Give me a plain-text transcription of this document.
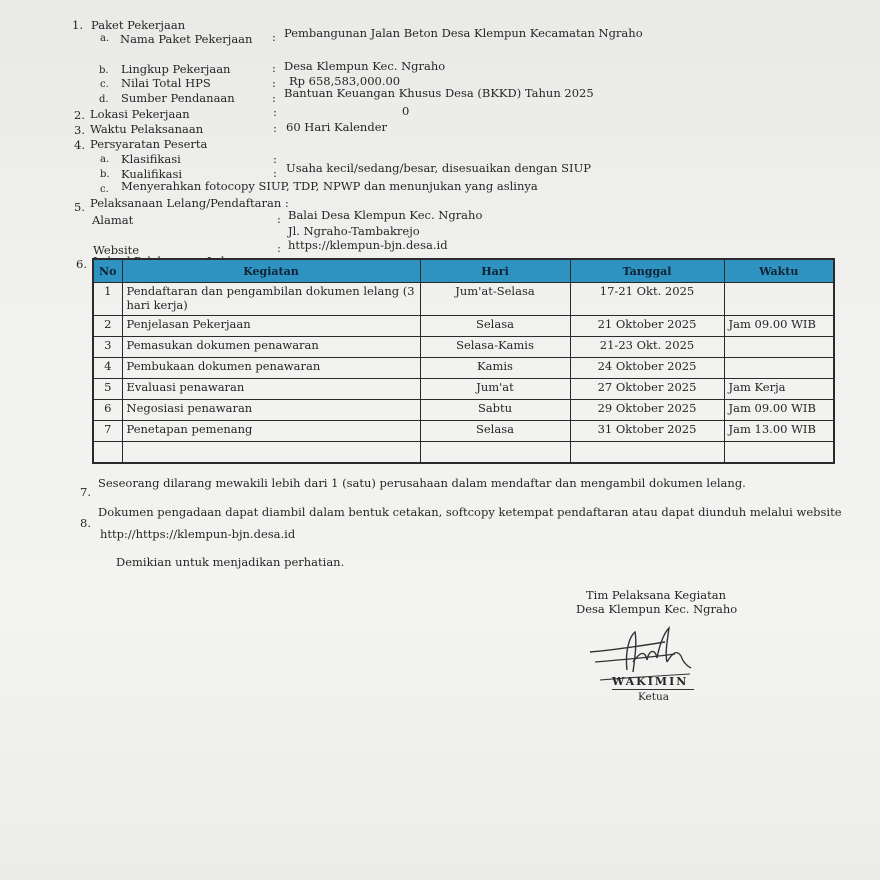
1. Paket Pekerjaan
a. Nama Paket Pekerjaan : Pembangunan Jalan Beton Desa Klempun Kecamatan Ngraho
b. Lingkup Pekerjaan	: Desa Klempun Kec. Ngraho
c. Nilai Total HPS	: Rp 658,583,000.00
d. Sumber Pendanaan	: Bantuan Keuangan Khusus Desa (BKKD) Tahun 2025
2. Lokasi Pekerjaan	:	0
3. Waktu Pelaksanaan	: 60 Hari Kalender
4. Persyaratan Peserta
a. Klasifikasi	:
b. Kualifikasi	: Usaha kecil/sedang/besar, disesuaikan dengan SIUP
c. Menyerahkan fotocopy SIUP, TDP, NPWP dan menunjukan yang aslinya
5. Pelaksanaan Lelang/Pendaftaran :
Alamat	: Balai Desa Klempun Kec. Ngraho
Jl. Ngraho-Tambakrejo
Website	: https://klempun-bjn.desa.id
6. No	Kegiatan	Hari	Tanggal	Waktu
1	Pendaftaran dan pengambilan dokumen lelang (3 hari kerja)	Jum'at-Selasa	17-21 Okt. 2025	
2	Penjelasan Pekerjaan	Selasa	21 Oktober 2025	Jam 09.00 WIB
3	Pemasukan dokumen penawaran	Selasa-Kamis	21-23 Okt. 2025	
4	Pembukaan dokumen penawaran	Kamis	24 Oktober 2025	
5	Evaluasi penawaran	Jum'at	27 Oktober 2025	Jam Kerja
6	Negosiasi penawaran	Sabtu	29 Oktober 2025	Jam 09.00 WIB
7	Penetapan pemenang	Selasa	31 Oktober 2025	Jam 13.00 WIB

7.
Seseorang dilarang mewakili lebih dari 1 (satu) perusahaan dalam mendaftar dan mengambil dokumen lelang.
8.
Dokumen pengadaan dapat diambil dalam bentuk cetakan, softcopy ketempat pendaftaran atau dapat diunduh melalui website
http://https://klempun-bjn.desa.id
Demikian untuk menjadikan perhatian.
Tim Pelaksana Kegiatan
Desa Klempun Kec. Ngraho
WAKIMIN
Ketua
